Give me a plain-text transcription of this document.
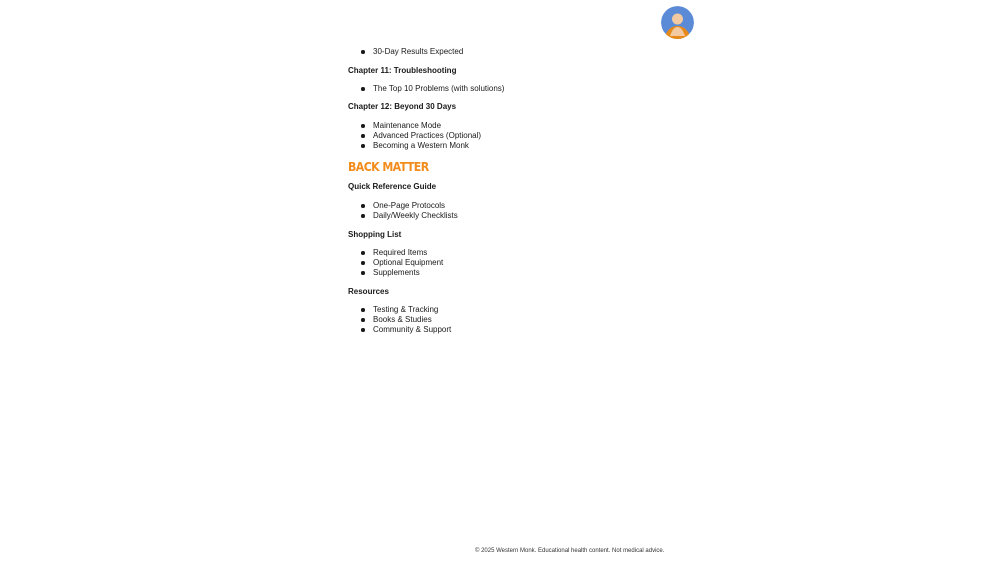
30-Day Results Expected
Chapter 11: Troubleshooting
The Top 10 Problems (with solutions)
Chapter 12: Beyond 30 Days
Maintenance Mode
Advanced Practices (Optional)
Becoming a Western Monk
BACK MATTER
Quick Reference Guide
One-Page Protocols
Daily/Weekly Checklists
Shopping List
Required Items
Optional Equipment
Supplements
Resources
Testing & Tracking
Books & Studies
Community & Support
© 2025 Western Monk. Educational health content. Not medical advice.
